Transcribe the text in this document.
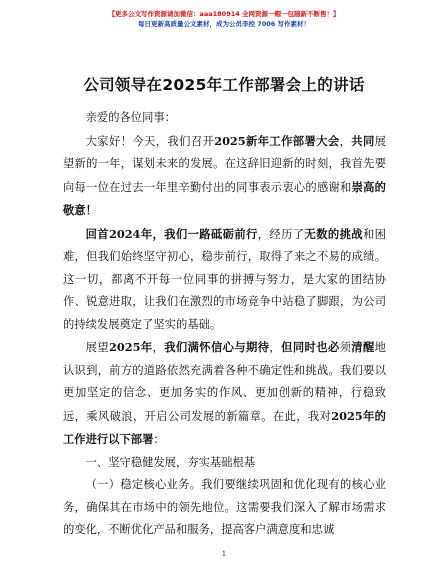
【更多公文写作资源请加微信：aaa180914 全网资源一帽一包随新不断售！】
每日更新高质量公文素材，成为公员李控 7006 写作素材！
公司领导在2025年工作部署会上的讲话

亲爱的各位同事：

大家好！今天，我们召开2025新年工作部署大会，共同展望新的一年，谋划未来的发展。在这辞旧迎新的时刻，我首先要向每一位在过去一年里辛勤付出的同事表示衷心的感谢和崇高的敬意！

回首2024年，我们一路砥砺前行，经历了无数的挑战和困难，但我们始终坚守初心，稳步前行，取得了来之不易的成绩。这一切，都离不开每一位同事的拼搏与努力，是大家的团结协作、锐意进取，让我们在激烈的市场竞争中站稳了脚跟，为公司的持续发展奠定了坚实的基础。

展望2025年，我们满怀信心与期待，但同时也必须清醒地认识到，前方的道路依然充满着各种不确定性和挑战。我们要以更加坚定的信念、更加务实的作风、更加创新的精神，行稳致远，乘风破浪，开启公司发展的新篇章。在此，我对2025年的工作进行以下部署：

一、坚守稳健发展，夯实基础根基

（一）稳定核心业务。我们要继续巩固和优化现有的核心业务，确保其在市场中的领先地位。这需要我们深入了解市场需求的变化，不断优化产品和服务，提高客户满意度和忠诚

1
